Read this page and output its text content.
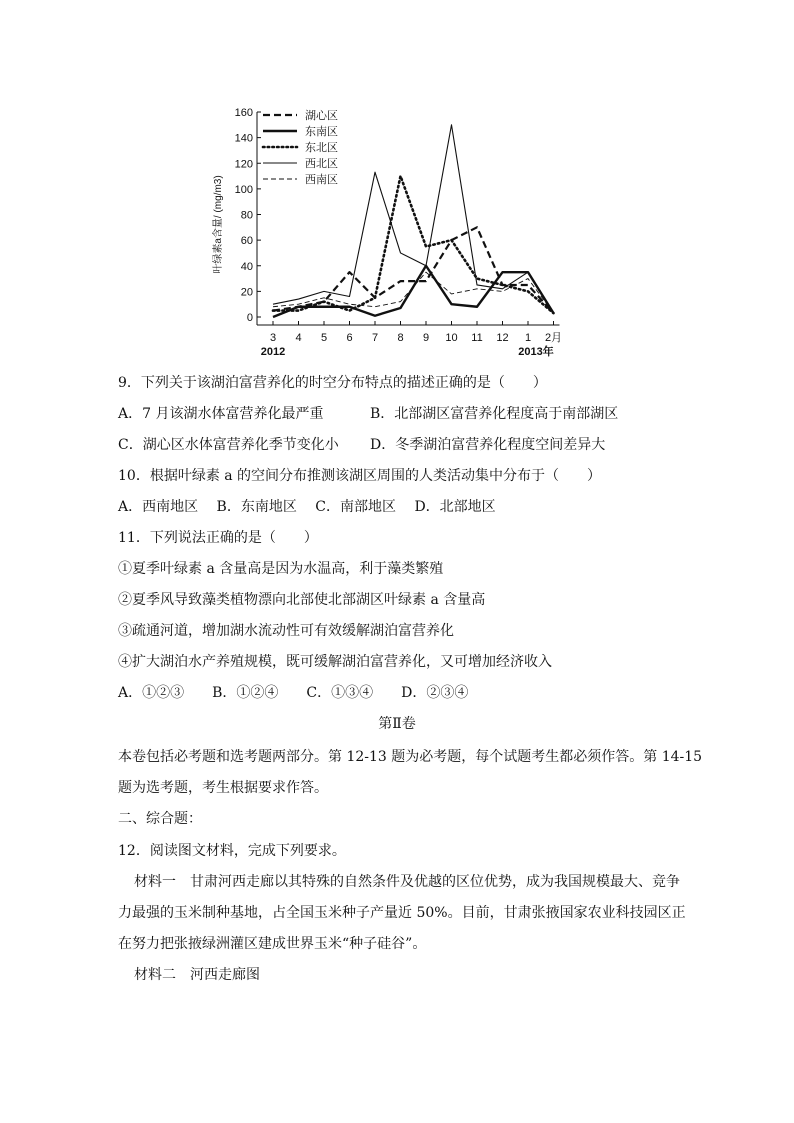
0
20
40
60
80
100
120
140
160
3 4 5 6 7 8 9 10 11 12 1 2月
2012	2013年
叶绿素a含量/ (mg/m3)
湖心区
东南区
东北区
西北区
西南区
9．下列关于该湖泊富营养化的时空分布特点的描述正确的是（　　）
A．7 月该湖水体富营养化最严重	B．北部湖区富营养化程度高于南部湖区
C．湖心区水体富营养化季节变化小 D．冬季湖泊富营养化程度空间差异大
10．根据叶绿素 a 的空间分布推测该湖区周围的人类活动集中分布于（　　）
A．西南地区　 B．东南地区　 C．南部地区　 D．北部地区
11．下列说法正确的是（　　）
①夏季叶绿素 a 含量高是因为水温高，利于藻类繁殖
②夏季风导致藻类植物漂向北部使北部湖区叶绿素 a 含量高
③疏通河道，增加湖水流动性可有效缓解湖泊富营养化
④扩大湖泊水产养殖规模，既可缓解湖泊富营养化，又可增加经济收入
A．①②③　　B．①②④　　C．①③④　　D．②③④
第Ⅱ卷
本卷包括必考题和选考题两部分。第 12-13 题为必考题，每个试题考生都必须作答。第 14-15
题为选考题，考生根据要求作答。
二、综合题：
12．阅读图文材料，完成下列要求。
材料一　甘肃河西走廊以其特殊的自然条件及优越的区位优势，成为我国规模最大、竞争
力最强的玉米制种基地，占全国玉米种子产量近 50%。目前，甘肃张掖国家农业科技园区正
在努力把张掖绿洲灌区建成世界玉米“种子硅谷”。
材料二　河西走廊图
